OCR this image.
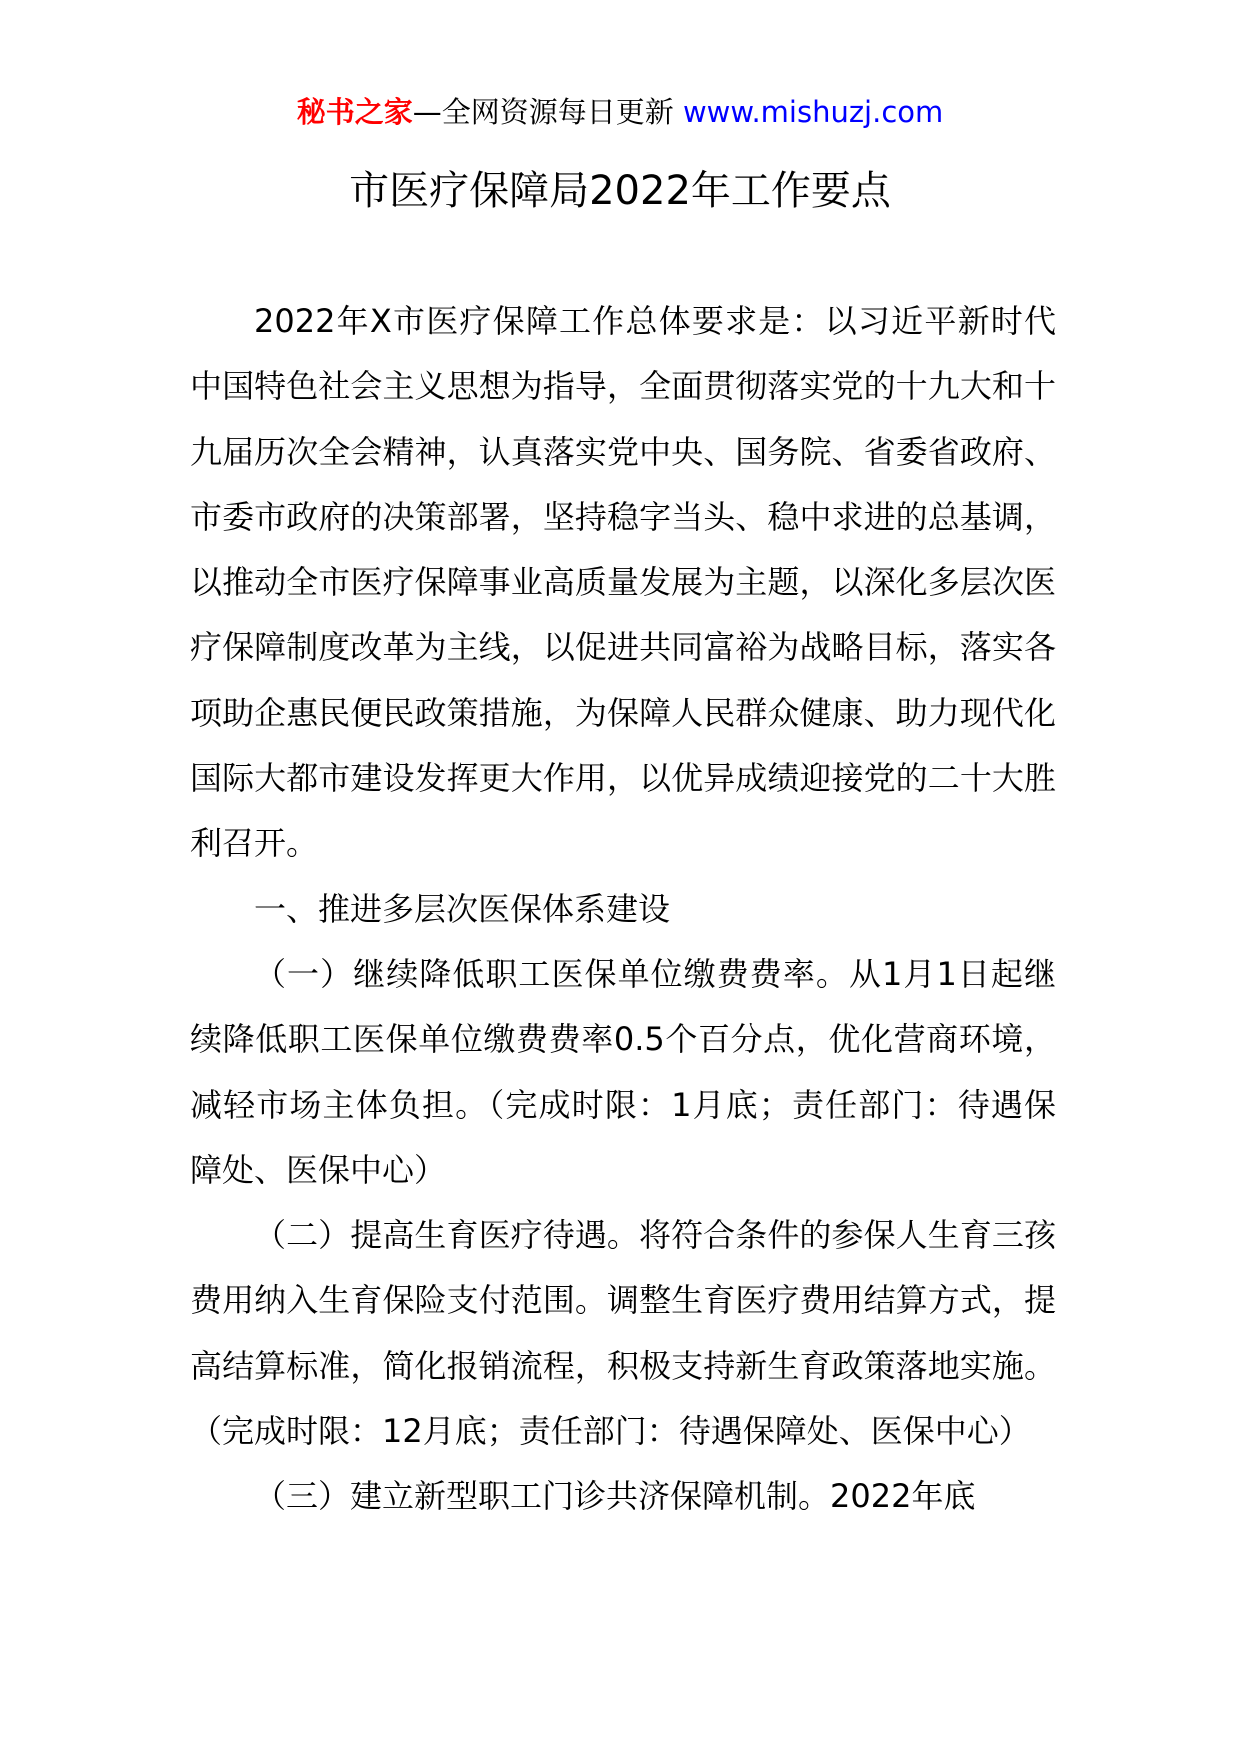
秘书之家—全网资源每日更新 www.mishuzj.com
市医疗保障局2022年工作要点

2022年X市医疗保障工作总体要求是：以习近平新时代中国特色社会主义思想为指导，全面贯彻落实党的十九大和十九届历次全会精神，认真落实党中央、国务院、省委省政府、市委市政府的决策部署，坚持稳字当头、稳中求进的总基调，以推动全市医疗保障事业高质量发展为主题，以深化多层次医疗保障制度改革为主线，以促进共同富裕为战略目标，落实各项助企惠民便民政策措施，为保障人民群众健康、助力现代化国际大都市建设发挥更大作用，以优异成绩迎接党的二十大胜利召开。

一、推进多层次医保体系建设

（一）继续降低职工医保单位缴费费率。从1月1日起继续降低职工医保单位缴费费率0.5个百分点，优化营商环境，减轻市场主体负担。（完成时限：1月底；责任部门：待遇保障处、医保中心）

（二）提高生育医疗待遇。将符合条件的参保人生育三孩费用纳入生育保险支付范围。调整生育医疗费用结算方式，提高结算标准，简化报销流程，积极支持新生育政策落地实施。（完成时限：12月底；责任部门：待遇保障处、医保中心）

（三）建立新型职工门诊共济保障机制。2022年底
